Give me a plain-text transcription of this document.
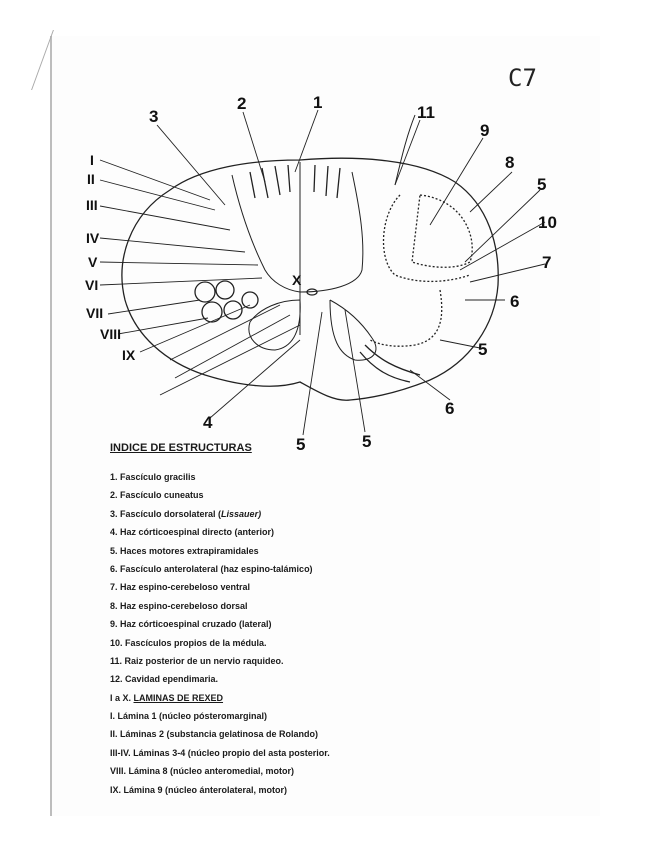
C7
1
2
3
4
5
5
5	5
6
6
7
8
9
10
11
I
II
III
IV
V
VI
VII
VIII
IX
X
INDICE DE ESTRUCTURAS
1. Fascículo gracilis
2. Fascículo cuneatus
3. Fascículo dorsolateral (Lissauer)
4. Haz córticoespinal directo (anterior)
5. Haces motores extrapiramidales
6. Fascículo anterolateral (haz espino-talámico)
7. Haz espino-cerebeloso ventral
8. Haz espino-cerebeloso dorsal
9. Haz córticoespinal cruzado (lateral)
10. Fascículos propios de la médula.
11. Raiz posterior de un nervio raquideo.
12. Cavidad ependimaria.
I a X. LAMINAS DE REXED
I. Lámina 1 (núcleo pósteromarginal)
II. Láminas 2 (substancia gelatinosa de Rolando)
III-IV. Láminas 3-4 (núcleo propio del asta posterior.
VIII. Lámina 8 (núcleo anteromedial, motor)
IX. Lámina 9 (núcleo ánterolateral, motor)
